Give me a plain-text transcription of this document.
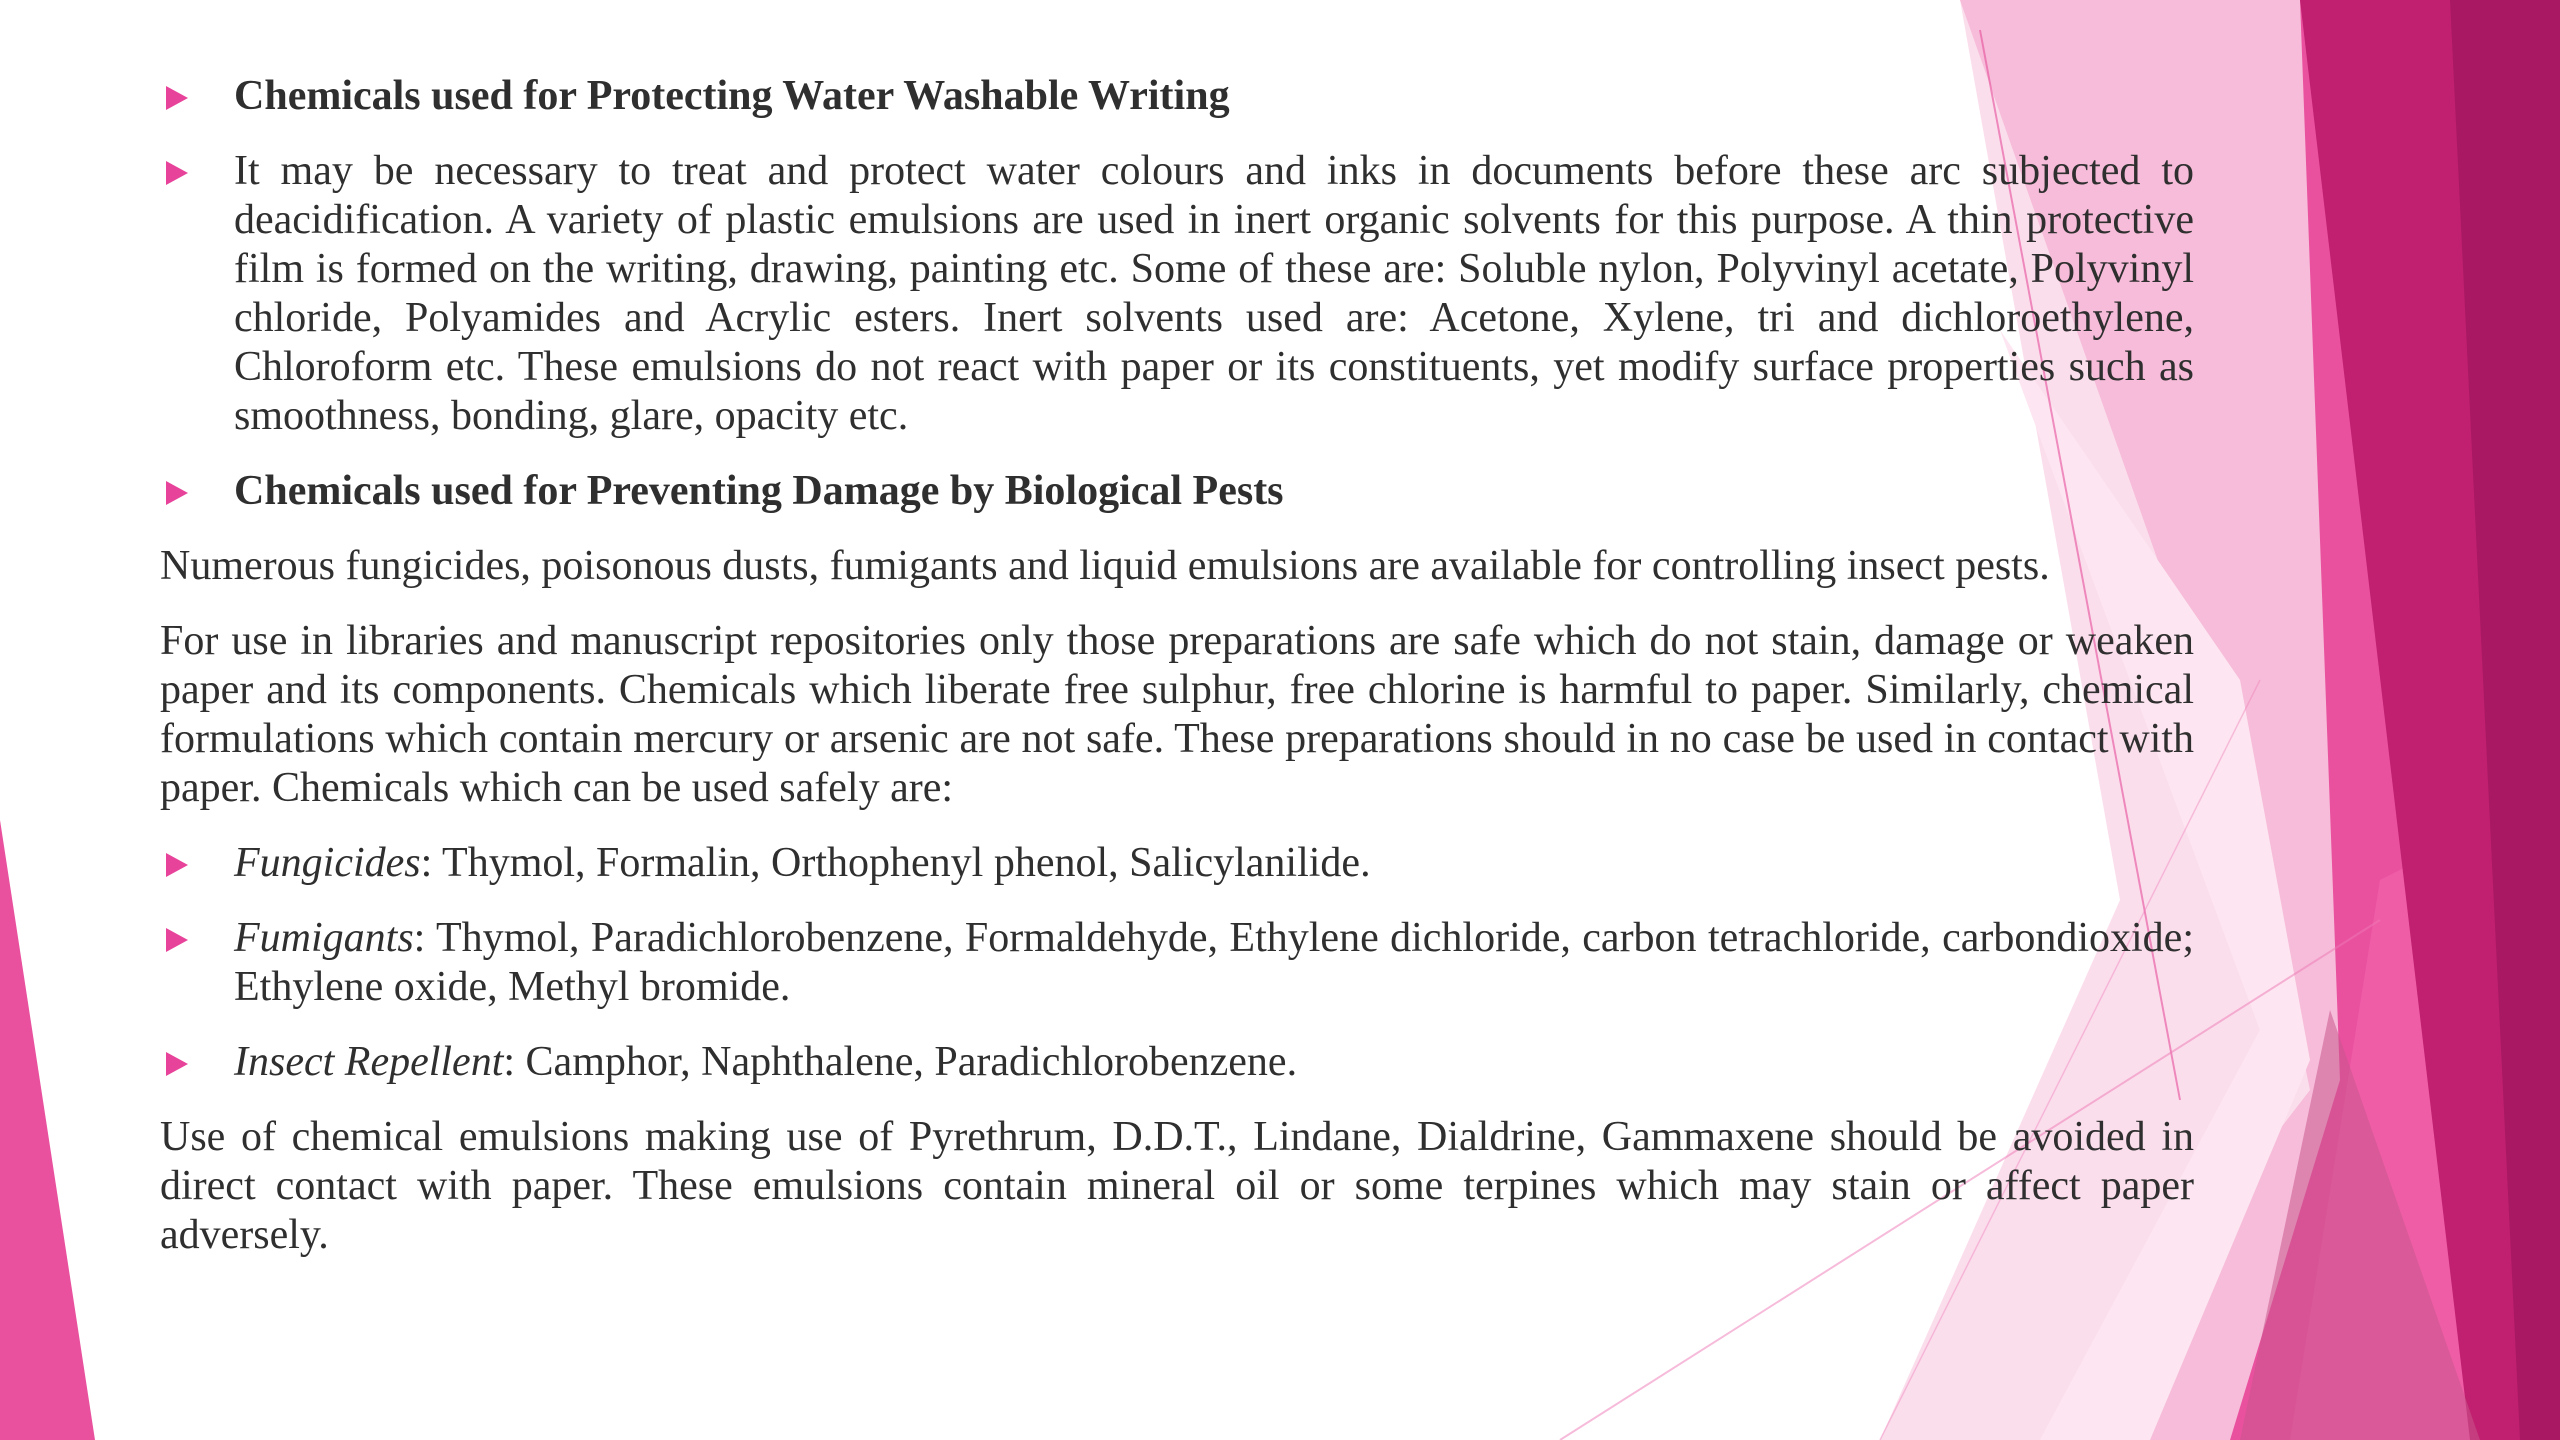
Chemicals used for Protecting Water Washable Writing
It may be necessary to treat and protect water colours and inks in documents before these arc subjected to deacidification. A variety of plastic emulsions are used in inert organic solvents for this purpose. A thin protective film is formed on the writing, drawing, painting etc. Some of these are: Soluble nylon, Polyvinyl acetate, Polyvinyl chloride, Polyamides and Acrylic esters. Inert solvents used are: Acetone, Xylene, tri and dichloroethylene, Chloroform etc. These emulsions do not react with paper or its constituents, yet modify surface properties such as smoothness, bonding, glare, opacity etc.
Chemicals used for Preventing Damage by Biological Pests
Numerous fungicides, poisonous dusts, fumigants and liquid emulsions are available for controlling insect pests.
For use in libraries and manuscript repositories only those preparations are safe which do not stain, damage or weaken paper and its components. Chemicals which liberate free sulphur, free chlorine is harmful to paper. Similarly, chemical formulations which contain mercury or arsenic are not safe. These preparations should in no case be used in contact with paper. Chemicals which can be used safely are:
Fungicides: Thymol, Formalin, Orthophenyl phenol, Salicylanilide.
Fumigants: Thymol, Paradichlorobenzene, Formaldehyde, Ethylene dichloride, carbon tetrachloride, carbondioxide; Ethylene oxide, Methyl bromide.
Insect Repellent: Camphor, Naphthalene, Paradichlorobenzene.
Use of chemical emulsions making use of Pyrethrum, D.D.T., Lindane, Dialdrine, Gammaxene should be avoided in direct contact with paper. These emulsions contain mineral oil or some terpines which may stain or affect paper adversely.
